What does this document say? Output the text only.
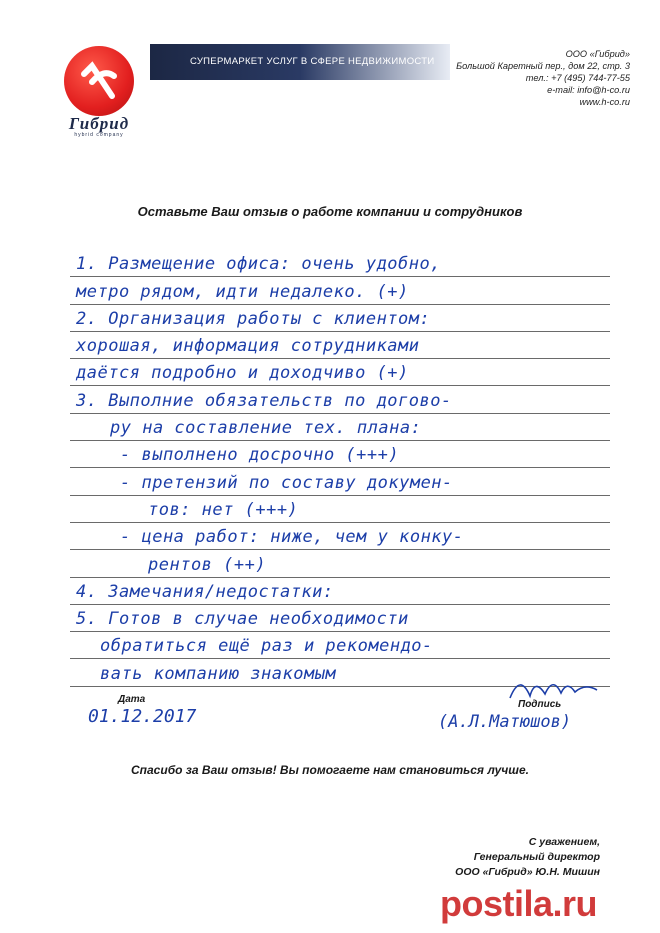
Гибрид
hybrid company
СУПЕРМАРКЕТ УСЛУГ В СФЕРЕ НЕДВИЖИМОСТИ
ООО «Гибрид»
Большой Каретный пер., дом 22, стр. 3
тел.: +7 (495) 744-77-55
e-mail: info@h-co.ru
www.h-co.ru
Оставьте Ваш отзыв о работе компании и сотрудников
1. Размещение офиса: очень удобно,
метро рядом, идти недалеко. (+)
2. Организация работы с клиентом:
хорошая, информация сотрудниками
даётся подробно и доходчиво (+)
3. Выполние обязательств по догово-
ру на составление тех. плана:
- выполнено досрочно (+++)
- претензий по составу докумен-
тов: нет (+++)
- цена работ: ниже, чем у конку-
рентов (++)
4. Замечания/недостатки:
5. Готов в случае необходимости
обратиться ещё раз и рекомендо-
вать компанию знакомым
Дата
01.12.2017
Подпись
(А.Л.Матюшов)
Спасибо за Ваш отзыв! Вы помогаете нам становиться лучше.
С уважением,
Генеральный директор
ООО «Гибрид» Ю.Н. Мишин
postila.ru
